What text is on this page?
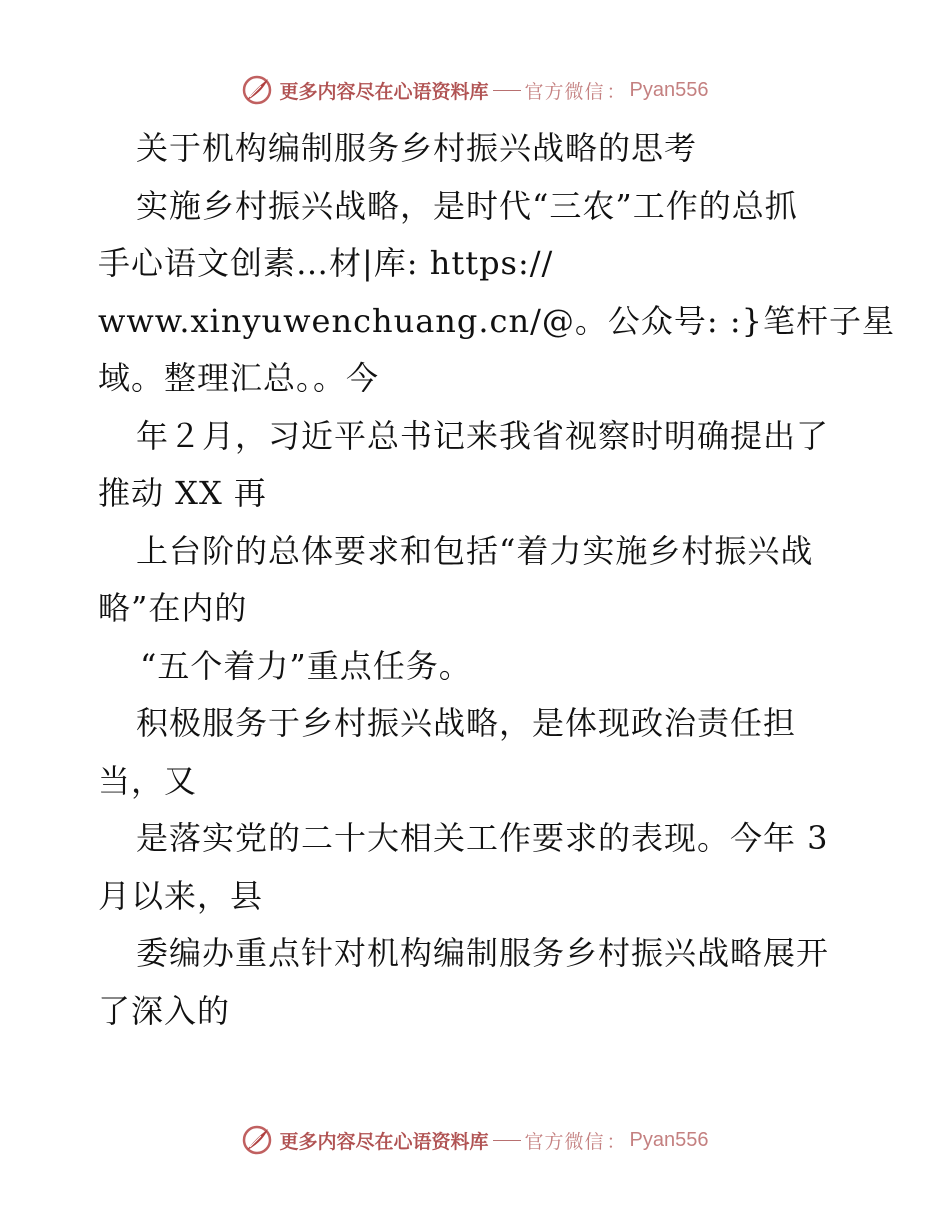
更多内容尽在心语资料库 官方微信 ： Pyan556
关于机构编制服务乡村振兴战略的思考
实施乡村振兴战略，是时代“三农”工作的总抓
手心语文创素…材|库: https://
www.xinyuwenchuang.cn/@。公众号: :}笔杆子星
域。整理汇总。。今
年２月，习近平总书记来我省视察时明确提出了
推动 XX 再
上台阶的总体要求和包括“着力实施乡村振兴战
略”在内的
“五个着力”重点任务。
积极服务于乡村振兴战略，是体现政治责任担
当，又
是落实党的二十大相关工作要求的表现。今年 3
月以来，县
委编办重点针对机构编制服务乡村振兴战略展开
了深入的
更多内容尽在心语资料库 官方微信 ： Pyan556
